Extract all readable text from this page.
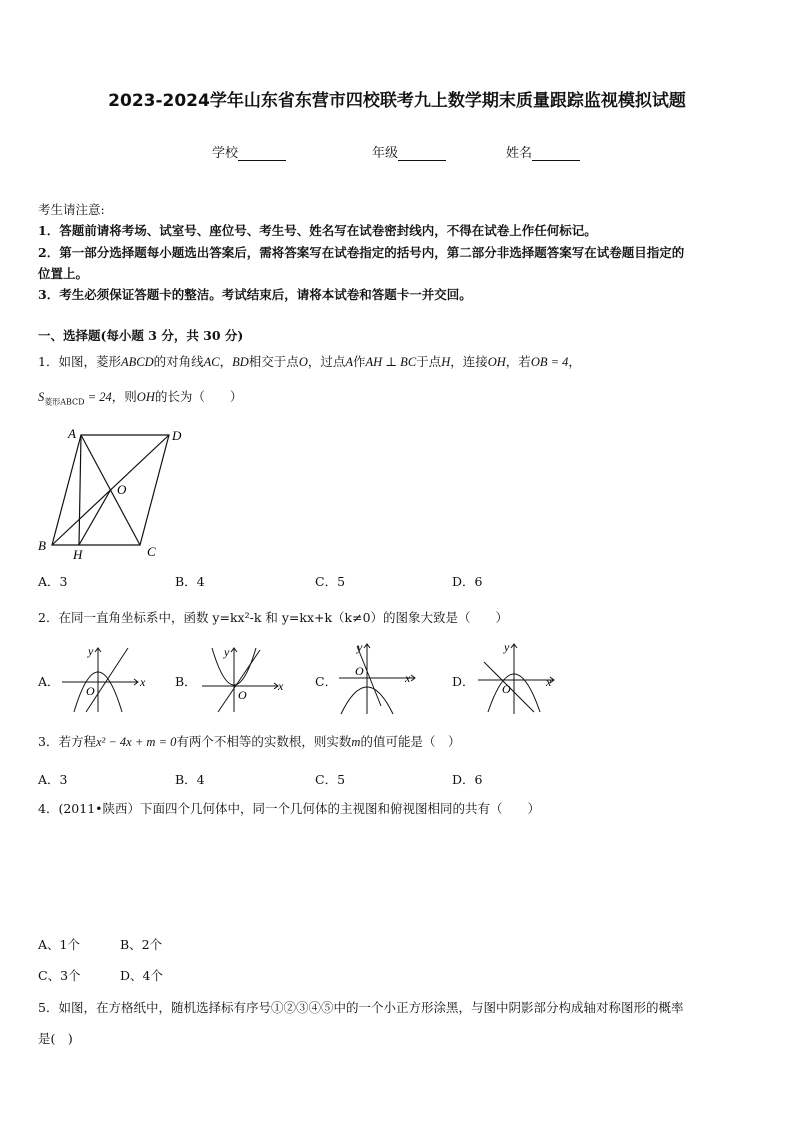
2023-2024学年山东省东营市四校联考九上数学期末质量跟踪监视模拟试题
学校	年级	姓名
考生请注意:
1．答题前请将考场、试室号、座位号、考生号、姓名写在试卷密封线内，不得在试卷上作任何标记。
2．第一部分选择题每小题选出答案后，需将答案写在试卷指定的括号内，第二部分非选择题答案写在试卷题目指定的
位置上。
3．考生必须保证答题卡的整洁。考试结束后，请将本试卷和答题卡一并交回。
一、选择题(每小题 3 分，共 30 分)
1．如图，菱形ABCD的对角线AC，BD相交于点O，过点A作AH ⊥ BC于点H，连接OH，若OB = 4，
$S_{菱形ABCD} = 24$，则OH的长为（　　）
A	D
O
B
H	C
A．3	B．4	C．5	D．6
2．在同一直角坐标系中，函数 y=kx²-k 和 y=kx+k（k≠0）的图象大致是（　　）
A．	x
y
O
B．	x
y
O
C．	x
y
O
D．	x
y
O
3．若方程x² − 4x + m = 0有两个不相等的实数根，则实数m的值可能是（　）
A．3	B．4	C．5	D．6
4．(2011•陕西）下面四个几何体中，同一个几何体的主视图和俯视图相同的共有（　　）
A、1个	B、2个
C、3个	D、4个
5．如图，在方格纸中，随机选择标有序号①②③④⑤中的一个小正方形涂黑，与图中阴影部分构成轴对称图形的概率
是(　)
